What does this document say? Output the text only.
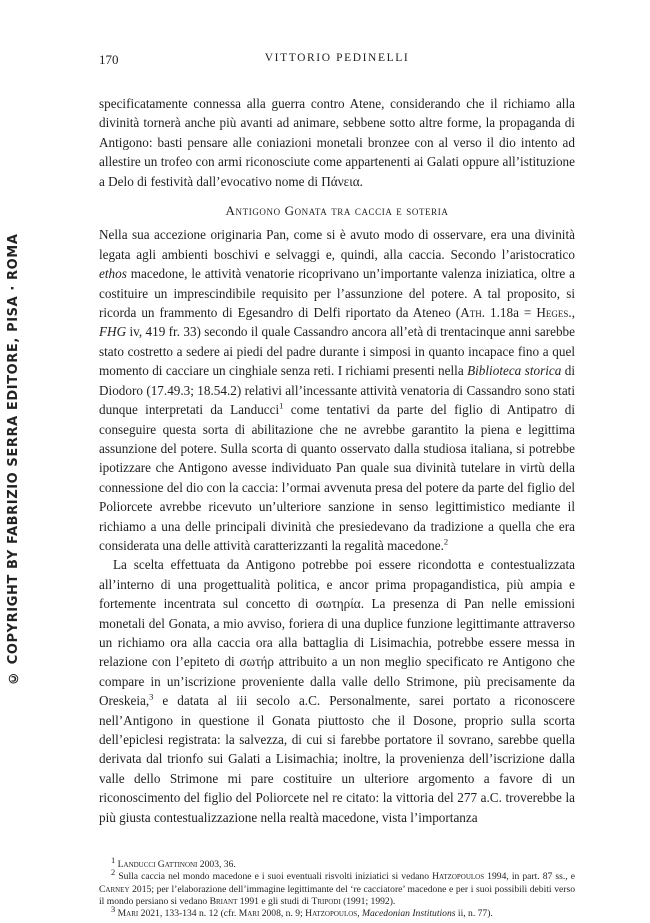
© COPYRIGHT BY FABRIZIO SERRA EDITORE, PISA · ROMA
170	VITTORIO PEDINELLI

specificatamente connessa alla guerra contro Atene, considerando che il richiamo alla divinità tornerà anche più avanti ad animare, sebbene sotto altre forme, la propaganda di Antigono: basti pensare alle coniazioni monetali bronzee con al verso il dio intento ad allestire un trofeo con armi riconosciute come appartenenti ai Galati oppure all’istituzione a Delo di festività dall’evocativo nome di Πάνεια.

Antigono Gonata tra caccia e soteria

Nella sua accezione originaria Pan, come si è avuto modo di osservare, era una divinità legata agli ambienti boschivi e selvaggi e, quindi, alla caccia. Secondo l’aristocratico ethos macedone, le attività venatorie ricoprivano un’importante valenza iniziatica, oltre a costituire un imprescindibile requisito per l’assunzione del potere. A tal proposito, si ricorda un frammento di Egesandro di Delfi riportato da Ateneo (Ath. 1.18a = Heges., FHG iv, 419 fr. 33) secondo il quale Cassandro ancora all’età di trentacinque anni sarebbe stato costretto a sedere ai piedi del padre durante i simposi in quanto incapace fino a quel momento di cacciare un cinghiale senza reti. I richiami presenti nella Biblioteca storica di Diodoro (17.49.3; 18.54.2) relativi all’incessante attività venatoria di Cassandro sono stati dunque interpretati da Landucci$^1$ come tentativi da parte del figlio di Antipatro di conseguire questa sorta di abilitazione che ne avrebbe garantito la piena e legittima assunzione del potere. Sulla scorta di quanto osservato dalla studiosa italiana, si potrebbe ipotizzare che Antigono avesse individuato Pan quale sua divinità tutelare in virtù della connessione del dio con la caccia: l’ormai avvenuta presa del potere da parte del figlio del Poliorcete avrebbe ricevuto un’ulteriore sanzione in senso legittimistico mediante il richiamo a una delle principali divinità che presiedevano da tradizione a quella che era considerata una delle attività caratterizzanti la regalità macedone.$^2$

La scelta effettuata da Antigono potrebbe poi essere ricondotta e contestualizzata all’interno di una progettualità politica, e ancor prima propagandistica, più ampia e fortemente incentrata sul concetto di σωτηρία. La presenza di Pan nelle emissioni monetali del Gonata, a mio avviso, foriera di una duplice funzione legittimante attraverso un richiamo ora alla caccia ora alla battaglia di Lisimachia, potrebbe essere messa in relazione con l’epiteto di σωτήρ attribuito a un non meglio specificato re Antigono che compare in un’iscrizione proveniente dalla valle dello Strimone, più precisamente da Oreskeia,$^3$ e datata al iii secolo a.C. Personalmente, sarei portato a riconoscere nell’Antigono in questione il Gonata piuttosto che il Dosone, proprio sulla scorta dell’epiclesi registrata: la salvezza, di cui si farebbe portatore il sovrano, sarebbe quella derivata dal trionfo sui Galati a Lisimachia; inoltre, la provenienza dell’iscrizione dalla valle dello Strimone mi pare costituire un ulteriore argomento a favore di un riconoscimento del figlio del Poliorcete nel re citato: la vittoria del 277 a.C. troverebbe la più giusta contestualizzazione nella realtà macedone, vista l’importanza

$^1$ Landucci Gattinoni 2003, 36.

$^2$ Sulla caccia nel mondo macedone e i suoi eventuali risvolti iniziatici si vedano Hatzopoulos 1994, in part. 87 ss., e Carney 2015; per l’elaborazione dell’immagine legittimante del ‘re cacciatore’ macedone e per i suoi possibili debiti verso il mondo persiano si vedano Briant 1991 e gli studi di Tripodi (1991; 1992).

$^3$ Mari 2021, 133-134 n. 12 (cfr. Mari 2008, n. 9; Hatzopoulos, Macedonian Institutions ii, n. 77).
